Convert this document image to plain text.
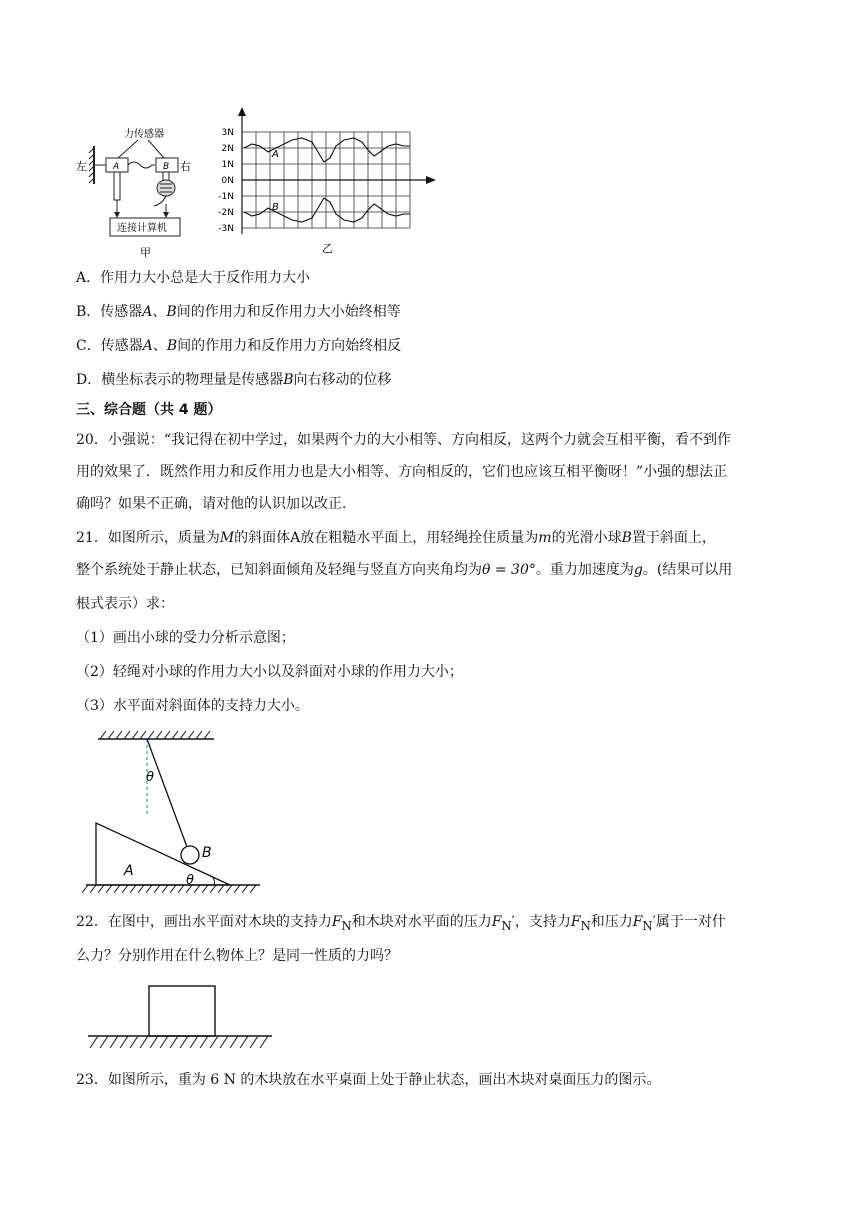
左	A	B 右
力传感器
连接计算机
甲
3N
2N
1N
0N
-1N
-2N
-3N
A
B
乙
A．作用力大小总是大于反作用力大小
B．传感器A、B间的作用力和反作用力大小始终相等
C．传感器A、B间的作用力和反作用力方向始终相反
D．横坐标表示的物理量是传感器B向右移动的位移
三、综合题（共 4 题）
20．小强说：“我记得在初中学过，如果两个力的大小相等、方向相反，这两个力就会互相平衡，看不到作
用的效果了．既然作用力和反作用力也是大小相等、方向相反的，它们也应该互相平衡呀！”小强的想法正
确吗？如果不正确，请对他的认识加以改正．
21．如图所示，质量为M的斜面体A放在粗糙水平面上，用轻绳拴住质量为m的光滑小球B置于斜面上，
整个系统处于静止状态，已知斜面倾角及轻绳与竖直方向夹角均为θ = 30°。重力加速度为g。(结果可以用
根式表示）求：
（1）画出小球的受力分析示意图；
（2）轻绳对小球的作用力大小以及斜面对小球的作用力大小；
（3）水平面对斜面体的支持力大小。
θ
B
A
θ
22．在图中，画出水平面对木块的支持力$F_N$和木块对水平面的压力$F_N'$，支持力$F_N$和压力$F_N'$属于一对什
么力？分别作用在什么物体上？是同一性质的力吗？
23．如图所示，重为 6 N 的木块放在水平桌面上处于静止状态，画出木块对桌面压力的图示。
